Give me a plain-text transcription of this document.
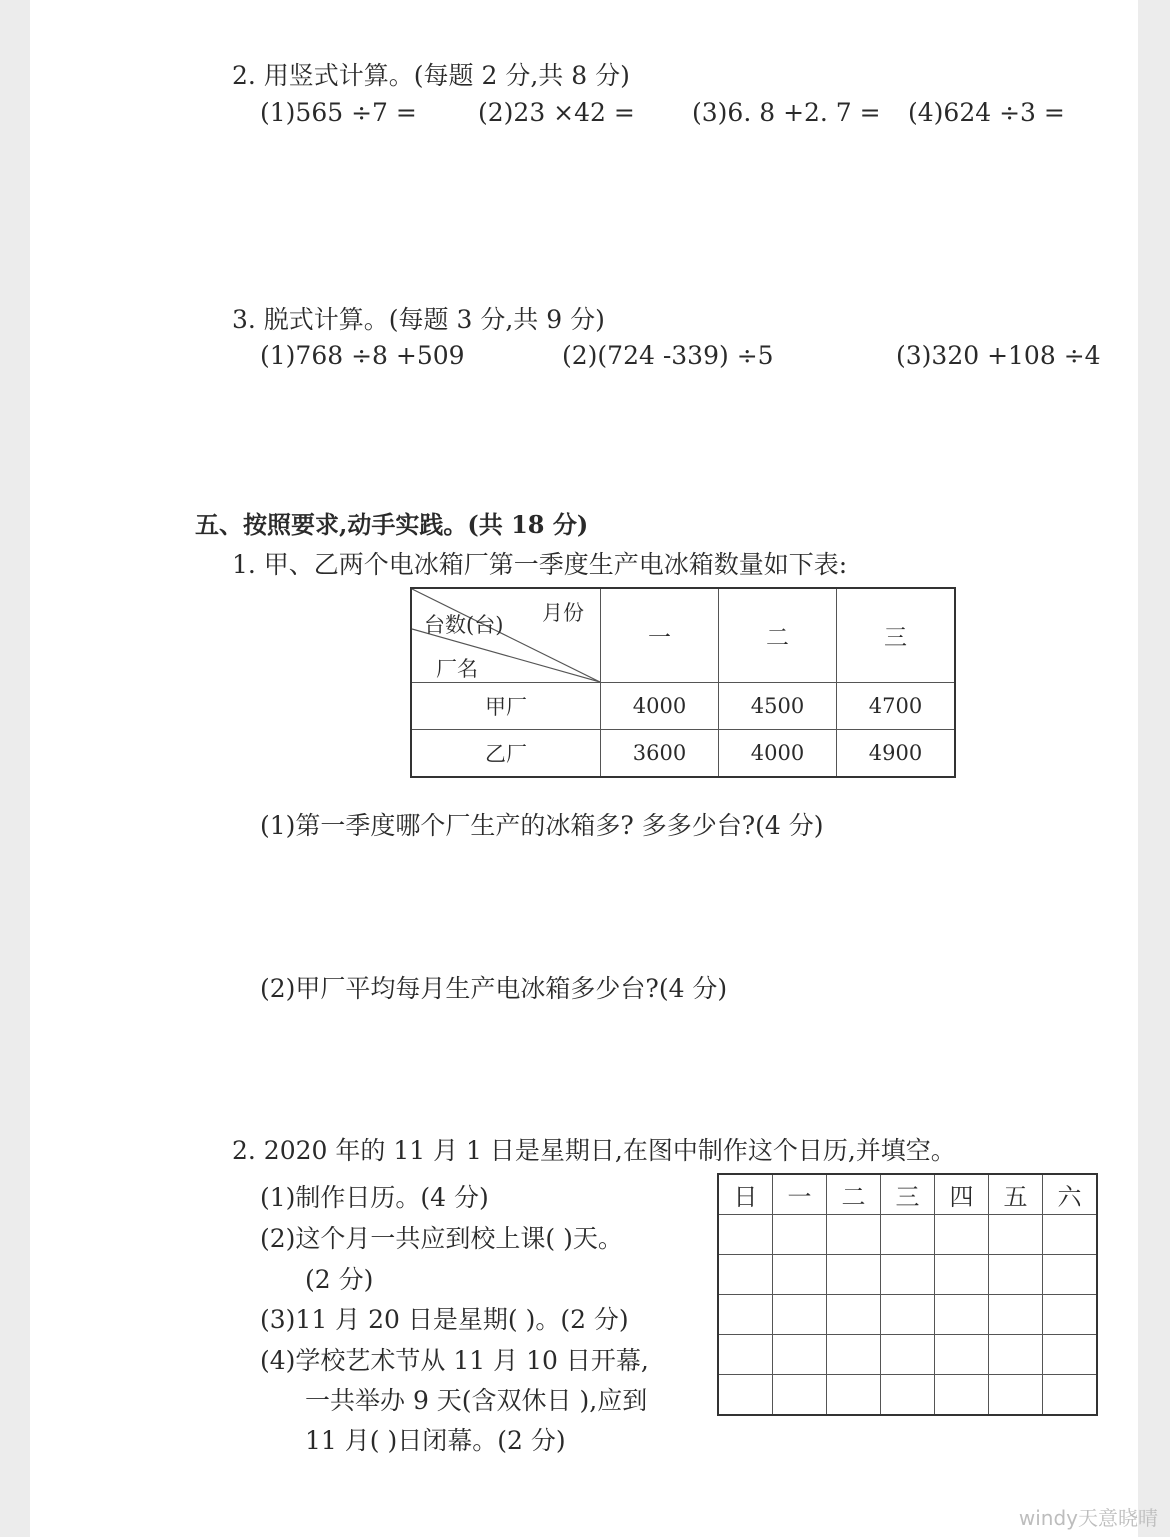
2. 用竖式计算。(每题 2 分,共 8 分)
(1)565 ÷7 = (2)23 ×42 = (3)6. 8 +2. 7 = (4)624 ÷3 =
3. 脱式计算。(每题 3 分,共 9 分)
(1)768 ÷8 +509	(2)(724 -339) ÷5	(3)320 +108 ÷4
五、按照要求,动手实践。(共 18 分)
1. 甲、乙两个电冰箱厂第一季度生产电冰箱数量如下表:
月份
台数(台)
厂名	一	二	三
甲厂	4000	4500	4700
乙厂	3600	4000	4900
(1)第一季度哪个厂生产的冰箱多? 多多少台?(4 分)
(2)甲厂平均每月生产电冰箱多少台?(4 分)
2. 2020 年的 11 月 1 日是星期日,在图中制作这个日历,并填空。
(1)制作日历。(4 分)
(2)这个月一共应到校上课( )天。
(2 分)
(3)11 月 20 日是星期( )。(2 分)
(4)学校艺术节从 11 月 10 日开幕,
一共举办 9 天(含双休日 ),应到
11 月( )日闭幕。(2 分)
日	一	二	三	四	五	六

windy天意晓晴
